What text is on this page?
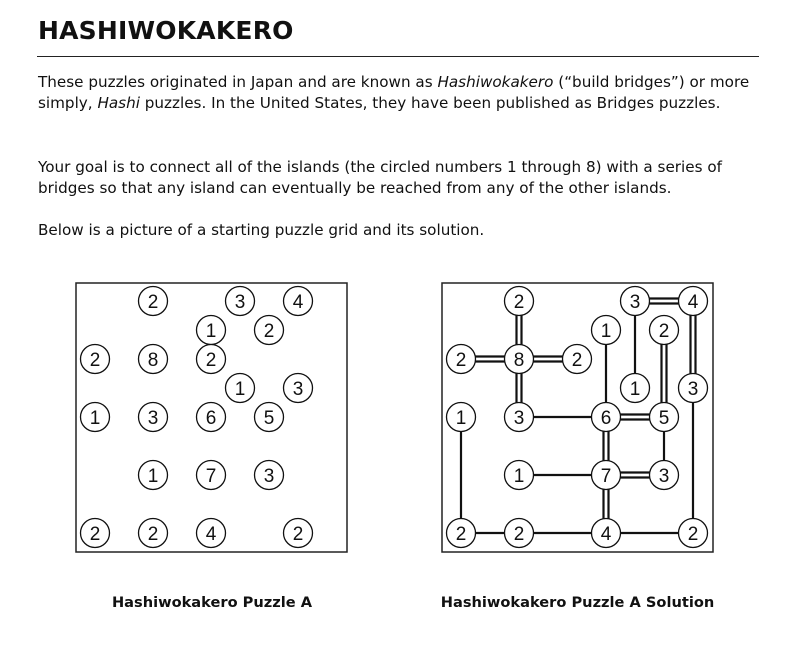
HASHIWOKAKERO

These puzzles originated in Japan and are known as Hashiwokakero (“build bridges”) or more simply, Hashi puzzles. In the United States, they have been published as Bridges puzzles.

Your goal is to connect all of the islands (the circled numbers 1 through 8) with a series of bridges so that any island can eventually be reached from any of the other islands.

Below is a picture of a starting puzzle grid and its solution.

2	3 4
1 2
2 8 2
1 3
1 3 6 5
1 7 3
2 2 4	2
2	3 4
1 2
2 8 2
1 3
1 3	6 5
1	7 3
2 2	4	2

Hashiwokakero Puzzle A	Hashiwokakero Puzzle A Solution
